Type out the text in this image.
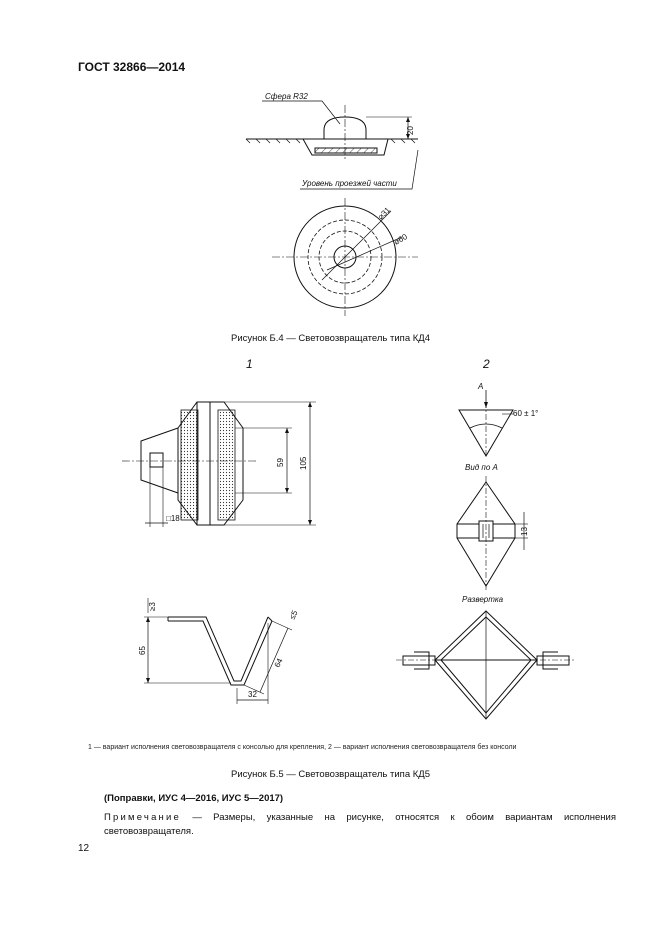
ГОСТ 32866—2014
Сфера R32
20
Уровень проезжей части
⌀31
⌀60
105
59
□18
≥3
65
≤5
64
32
А
60 ± 1°
Вид по А
13
Развертка
1	2
Рисунок Б.4 — Световозвращатель типа КД4
1 — вариант исполнения световозвращателя с консолью для крепления, 2 — вариант исполнения световозвращателя без консоли
Рисунок Б.5 — Световозвращатель типа КД5
(Поправки, ИУС 4—2016, ИУС 5—2017)
Примечание — Размеры, указанные на рисунке, относятся к обоим вариантам исполнения световозвращателя.
12
